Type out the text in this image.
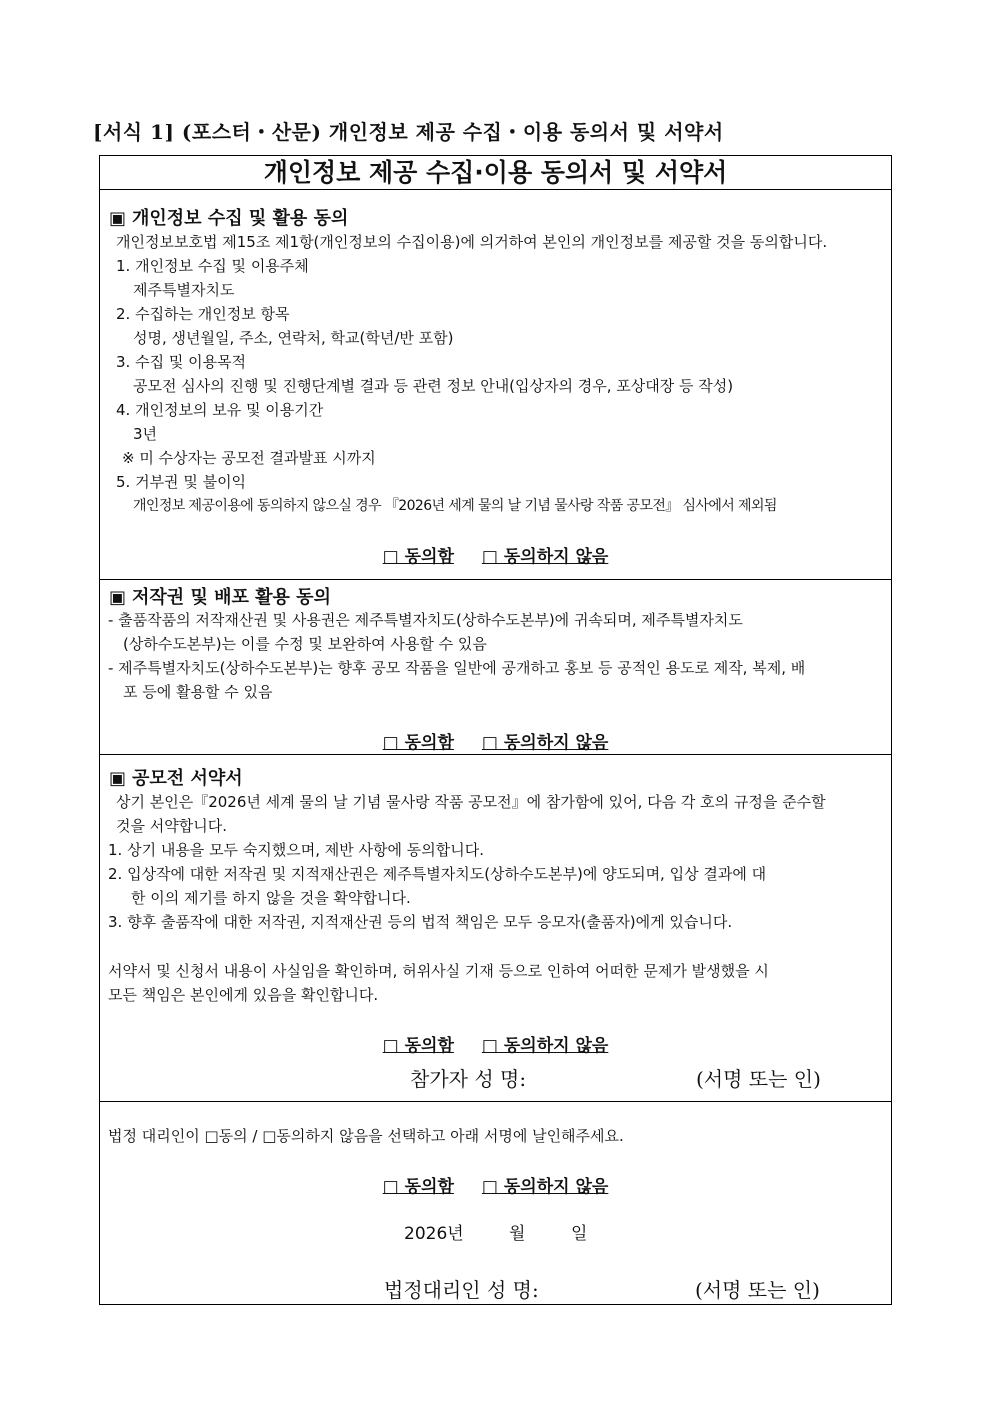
[서식 1] (포스터・산문) 개인정보 제공 수집・이용 동의서 및 서약서
개인정보 제공 수집·이용 동의서 및 서약서
▣ 개인정보 수집 및 활용 동의
개인정보보호법 제15조 제1항(개인정보의 수집이용)에 의거하여 본인의 개인정보를 제공할 것을 동의합니다.
1. 개인정보 수집 및 이용주체
제주특별자치도
2. 수집하는 개인정보 항목
성명, 생년월일, 주소, 연락처, 학교(학년/반 포함)
3. 수집 및 이용목적
공모전 심사의 진행 및 진행단계별 결과 등 관련 정보 안내(입상자의 경우, 포상대장 등 작성)
4. 개인정보의 보유 및 이용기간
3년
※ 미 수상자는 공모전 결과발표 시까지
5. 거부권 및 불이익
개인정보 제공이용에 동의하지 않으실 경우 『2026년 세계 물의 날 기념 물사랑 작품 공모전』 심사에서 제외됨
□ 동의함 □ 동의하지 않음
▣ 저작권 및 배포 활용 동의
- 출품작품의 저작재산권 및 사용권은 제주특별자치도(상하수도본부)에 귀속되며, 제주특별자치도
(상하수도본부)는 이를 수정 및 보완하여 사용할 수 있음
- 제주특별자치도(상하수도본부)는 향후 공모 작품을 일반에 공개하고 홍보 등 공적인 용도로 제작, 복제, 배
포 등에 활용할 수 있음
□ 동의함 □ 동의하지 않음
▣ 공모전 서약서
상기 본인은『2026년 세계 물의 날 기념 물사랑 작품 공모전』에 참가함에 있어, 다음 각 호의 규정을 준수할
것을 서약합니다.
1. 상기 내용을 모두 숙지했으며, 제반 사항에 동의합니다.
2. 입상작에 대한 저작권 및 지적재산권은 제주특별자치도(상하수도본부)에 양도되며, 입상 결과에 대
한 이의 제기를 하지 않을 것을 확약합니다.
3. 향후 출품작에 대한 저작권, 지적재산권 등의 법적 책임은 모두 응모자(출품자)에게 있습니다.
서약서 및 신청서 내용이 사실임을 확인하며, 허위사실 기재 등으로 인하여 어떠한 문제가 발생했을 시
모든 책임은 본인에게 있음을 확인합니다.
□ 동의함 □ 동의하지 않음
참가자 성 명:	(서명 또는 인)
법정 대리인이 □동의 / □동의하지 않음을 선택하고 아래 서명에 날인해주세요.
□ 동의함 □ 동의하지 않음
2026년	월	일
법정대리인 성 명:	(서명 또는 인)
